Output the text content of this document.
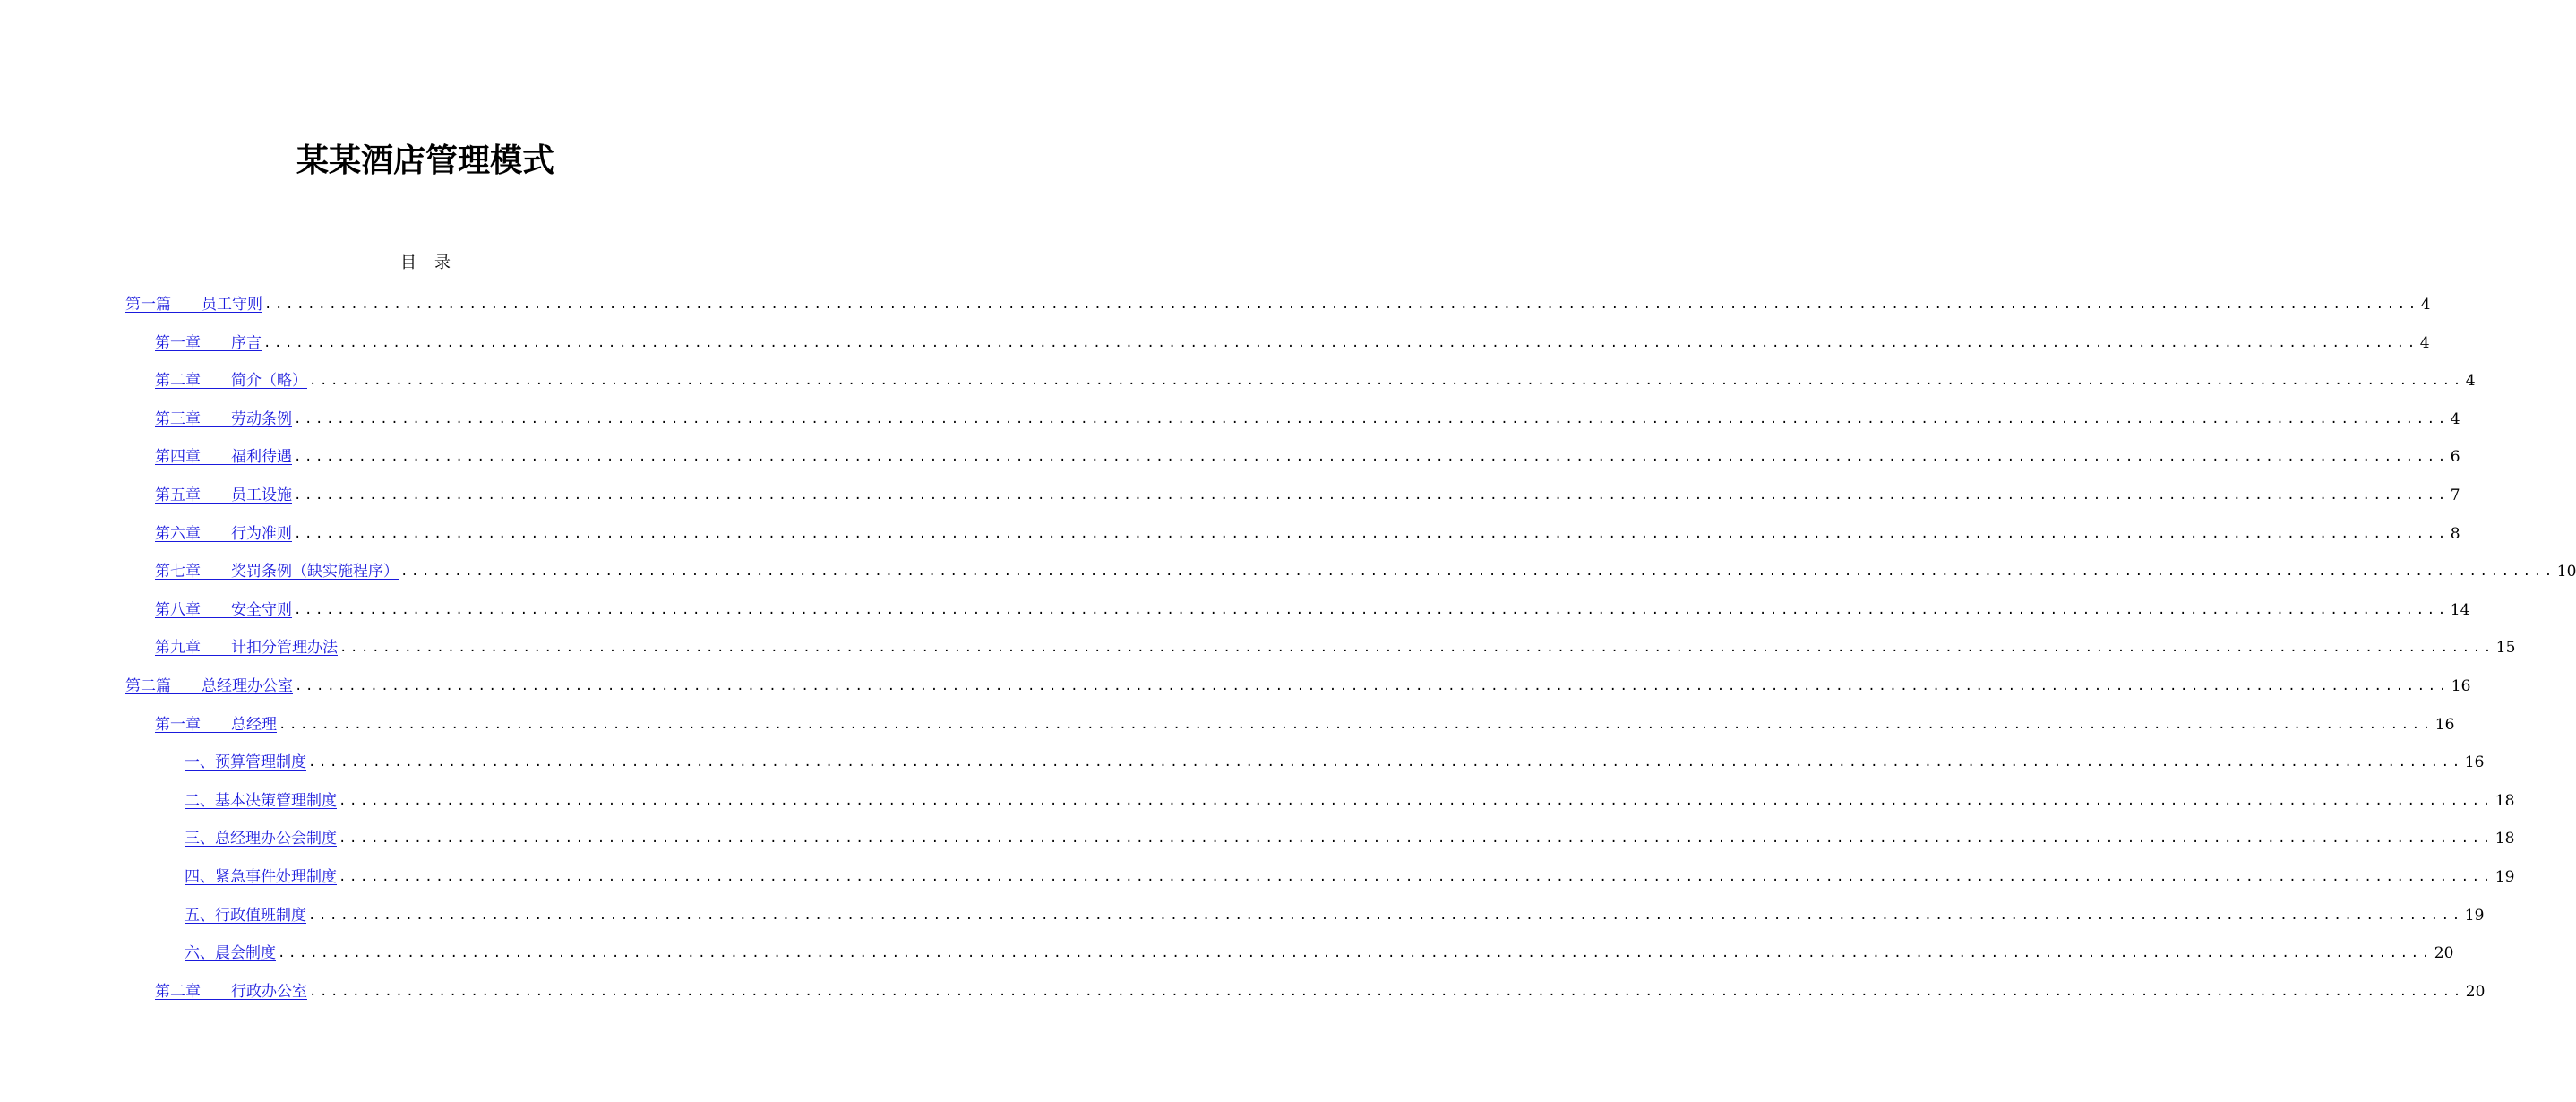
某某酒店管理模式
目录
第一篇　　员工守则 ........................................................................................................................................................................................................ 4
第一章　　序言 ........................................................................................................................................................................................................ 4
第二章　　简介（略） ........................................................................................................................................................................................................ 4
第三章　　劳动条例 ........................................................................................................................................................................................................ 4
第四章　　福利待遇 ........................................................................................................................................................................................................ 6
第五章　　员工设施 ........................................................................................................................................................................................................ 7
第六章　　行为准则 ........................................................................................................................................................................................................ 8
第七章　　奖罚条例（缺实施程序） ........................................................................................................................................................................................................ 10
第八章　　安全守则 ........................................................................................................................................................................................................ 14
第九章　　计扣分管理办法 ........................................................................................................................................................................................................ 15
第二篇　　总经理办公室 ........................................................................................................................................................................................................ 16
第一章　　总经理 ........................................................................................................................................................................................................ 16
一、预算管理制度 ........................................................................................................................................................................................................ 16
二、基本决策管理制度 ........................................................................................................................................................................................................ 18
三、总经理办公会制度 ........................................................................................................................................................................................................ 18
四、紧急事件处理制度 ........................................................................................................................................................................................................ 19
五、行政值班制度 ........................................................................................................................................................................................................ 19
六、晨会制度 ........................................................................................................................................................................................................ 20
第二章　　行政办公室 ........................................................................................................................................................................................................ 20
